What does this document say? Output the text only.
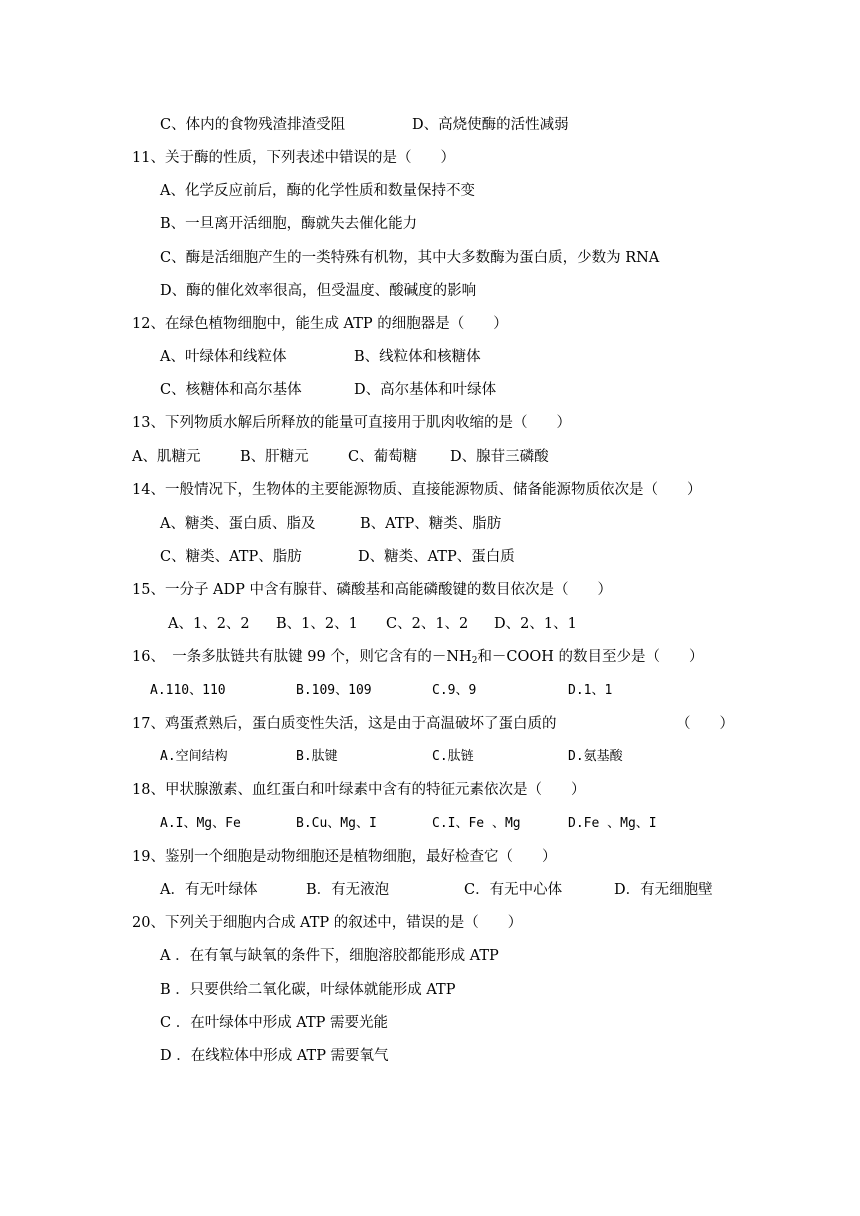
C、体内的食物残渣排渣受阻	D、高烧使酶的活性减弱
11、关于酶的性质，下列表述中错误的是（　　）
A、化学反应前后，酶的化学性质和数量保持不变
B、一旦离开活细胞，酶就失去催化能力
C、酶是活细胞产生的一类特殊有机物，其中大多数酶为蛋白质，少数为 RNA
D、酶的催化效率很高，但受温度、酸碱度的影响
12、在绿色植物细胞中，能生成 ATP 的细胞器是（　　）
A、叶绿体和线粒体	B、线粒体和核糖体
C、核糖体和高尔基体	D、高尔基体和叶绿体
13、下列物质水解后所释放的能量可直接用于肌肉收缩的是（　　）
A、肌糖元	B、肝糖元	C、葡萄糖 D、腺苷三磷酸
14、一般情况下，生物体的主要能源物质、直接能源物质、储备能源物质依次是（　　）
A、糖类、蛋白质、脂及	B、ATP、糖类、脂肪
C、糖类、ATP、脂肪	D、糖类、ATP、蛋白质
15、一分子 ADP 中含有腺苷、磷酸基和高能磷酸键的数目依次是（　　）
A、1、2、2 B、1、2、1 C、2、1、2 D、2、1、1
16、　一条多肽链共有肽键 99 个，则它含有的$-NH_2$和－COOH 的数目至少是（　　）
A.110、110	B.109、109	C.9、9	D.1、1
17、鸡蛋煮熟后，蛋白质变性失活，这是由于高温破坏了蛋白质的	（　　）
A.空间结构	B.肽键	C.肽链	D.氨基酸
18、甲状腺激素、血红蛋白和叶绿素中含有的特征元素依次是（　　）
A.I、Mg、Fe	B.Cu、Mg、I	C.I、Fe 、Mg	D.Fe 、Mg、I
19、鉴别一个细胞是动物细胞还是植物细胞，最好检查它（　　）
A．有无叶绿体	B．有无液泡	C．有无中心体	D．有无细胞壁
20、下列关于细胞内合成 ATP 的叙述中，错误的是（　　）
A ．在有氧与缺氧的条件下，细胞溶胶都能形成 ATP
B ．只要供给二氧化碳，叶绿体就能形成 ATP
C ．在叶绿体中形成 ATP 需要光能
D ．在线粒体中形成 ATP 需要氧气
